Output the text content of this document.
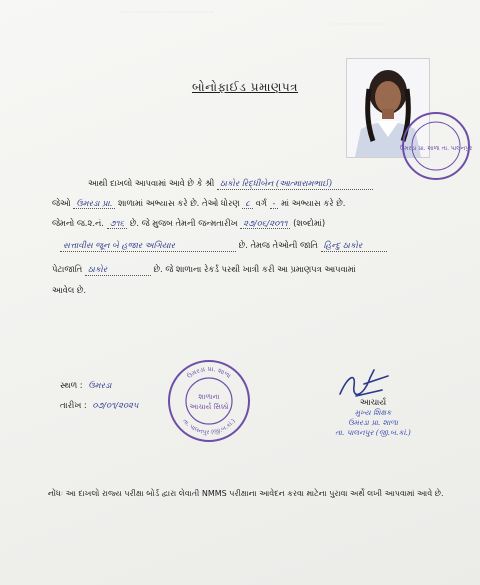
·····································
·····················
બોનોફાઈડ પ્રમાણપત્ર
ઉમરડા પ્રા. શાળા તા. પાલનપુર
આથી દાખલો આપવામાં આવે છે કે શ્રી ઠાકોર રિદ્ધીબેન (આત્મારામભાઈ)
જેઓ ઉમરડા પ્રા. શાળામાં અભ્યાસ કરે છે. તેઓ ધોરણ ૮ વર્ગ - માં અભ્યાસ કરે છે.
જેમનો જ.૨.નં. ૭૧૬ છે. જે મુજબ તેમની જન્મતારીખ ૨૭/૦૬/૨૦૧૧ (શબ્દોમાં)
સત્તાવીસ જૂન બે હજાર અગિયાર	છે. તેમજ તેઓની જાતિ હિન્દુ ઠાકોર
પેટાજાતિ ઠાકોર	છે. જે શાળાના રેકર્ડ પરથી ખાત્રી કરી આ પ્રમાણપત્ર આપવામાં
આવેલ છે.
સ્થળ : ઉમરડા
તારીખ : ૦૭/૦૧/૨૦૨૫
ઉમરડા પ્રા. શાળા
શાળાના
આચાર્ય સિક્કો
તા. પાલનપુર (જી.બ.કાં.)
આચાર્ય
મુખ્ય શિક્ષક
ઉમરડા પ્રા. શાળા
તા. પાલનપુર (જી.બ.કાં.)
નોંધઃ આ દાખલો રાજ્ય પરીક્ષા બોર્ડ દ્વારા લેવાતી NMMS પરીક્ષાના આવેદન કરવા માટેના પુરાવા અર્થે લખી આપવામાં આવે છે.
